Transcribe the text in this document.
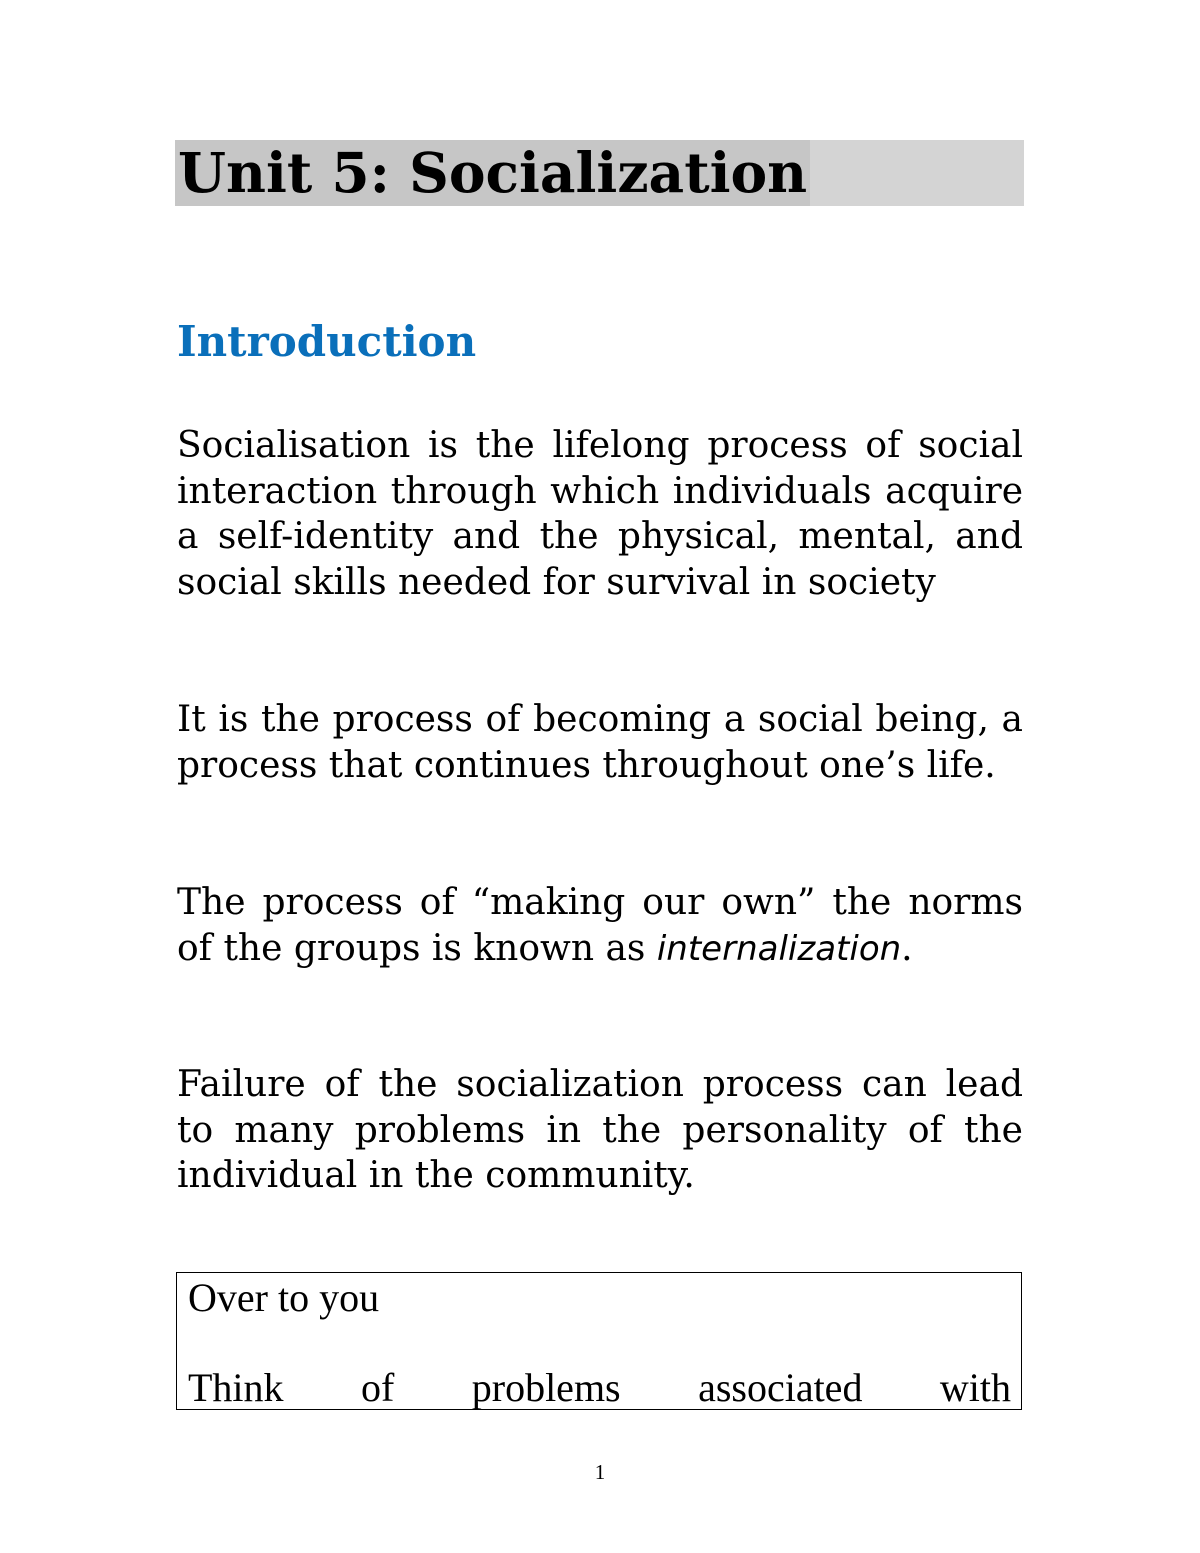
Unit 5: Socialization
Introduction

Socialisation is the lifelong process of social interaction through which individuals acquire a self-identity and the physical, mental, and social skills needed for survival in society

It is the process of becoming a social being, a process that continues throughout one’s life.

The process of “making our own” the norms of the groups is known as internalization.

Failure of the socialization process can lead to many problems in the personality of the individual in the community.

Over to you

Think of problems associated with

1
